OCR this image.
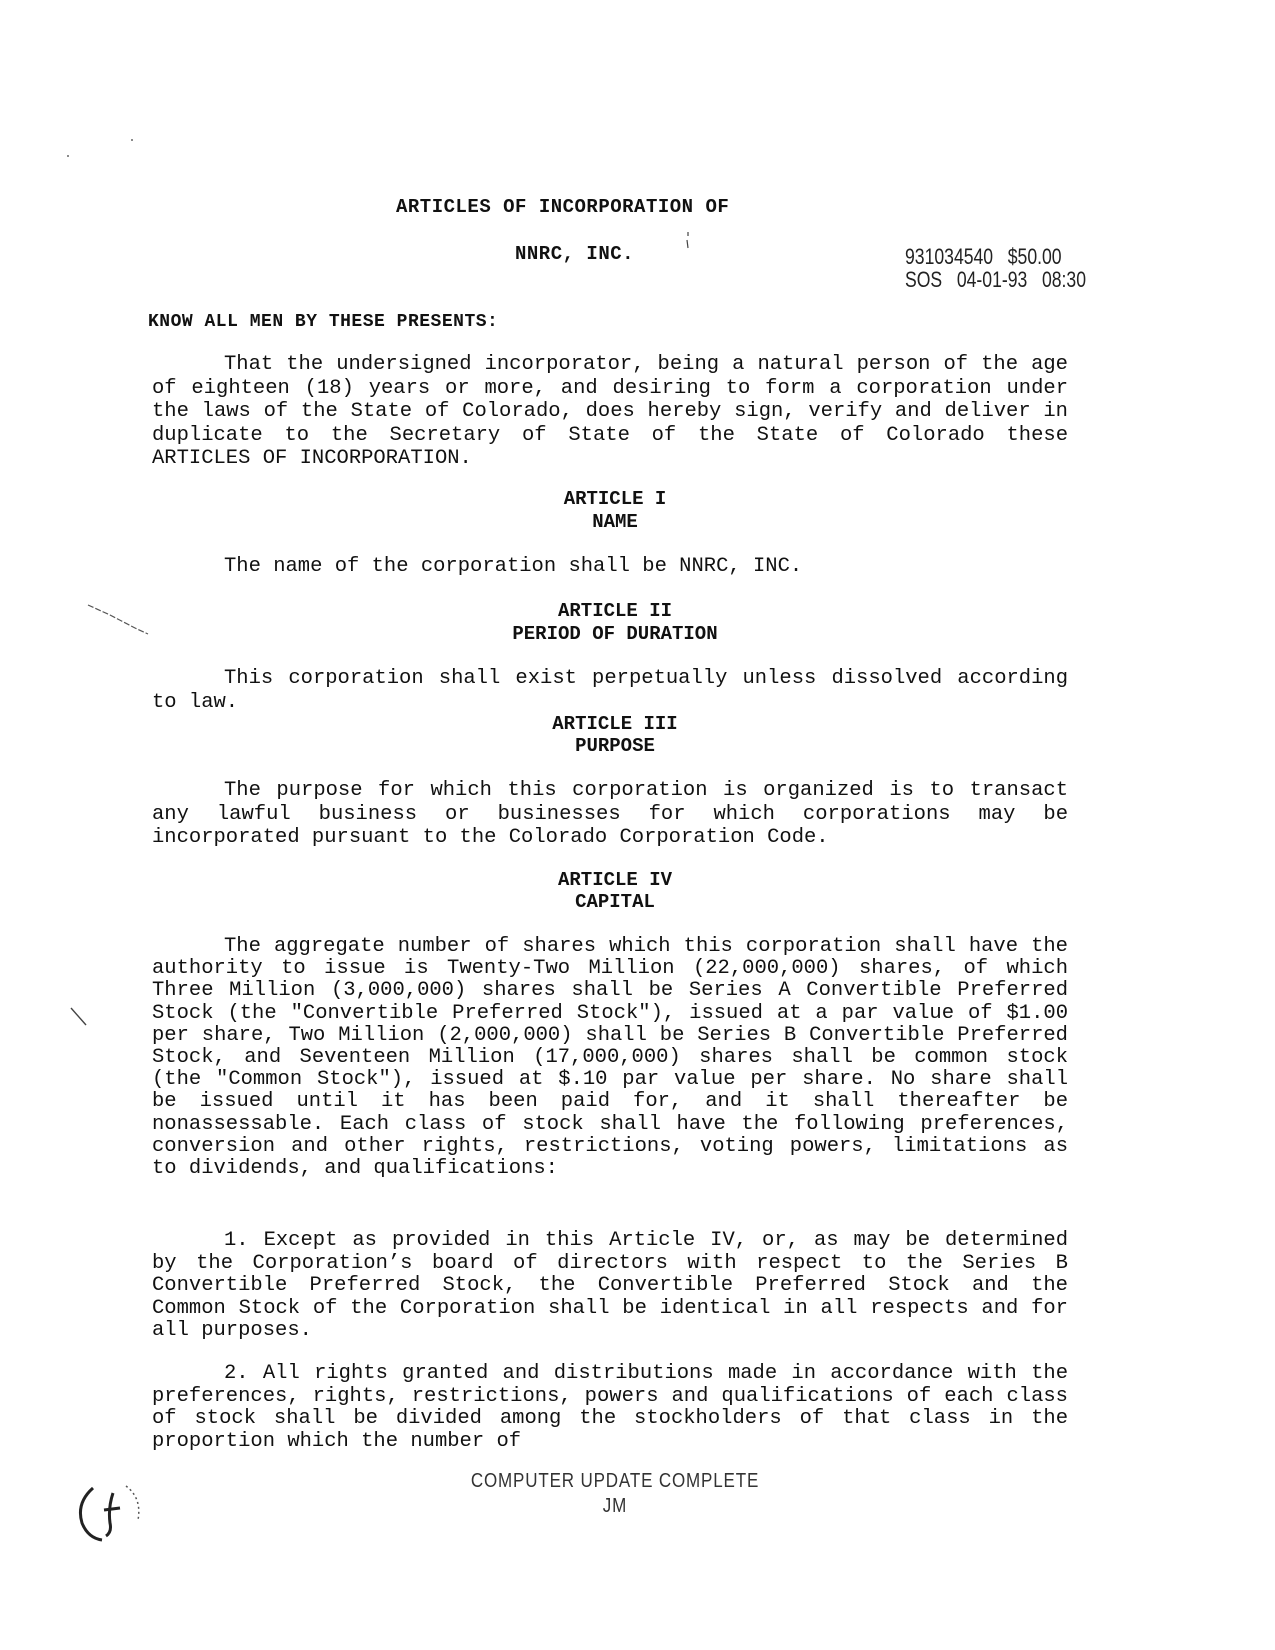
ARTICLES OF INCORPORATION OF
NNRC, INC.	931034540   $50.00
SOS   04-01-93   08:30
KNOW ALL MEN BY THESE PRESENTS:

That the undersigned incorporator, being a natural person of the age of eighteen (18) years or more, and desiring to form a corporation under the laws of the State of Colorado, does hereby sign, verify and deliver in duplicate to the Secretary of State of the State of Colorado these ARTICLES OF INCORPORATION.

ARTICLE I

NAME

The name of the corporation shall be NNRC, INC.

ARTICLE II

PERIOD OF DURATION

This corporation shall exist perpetually unless dissolved according to law.

ARTICLE III

PURPOSE

The purpose for which this corporation is organized is to transact any lawful business or businesses for which corporations may be incorporated pursuant to the Colorado Corporation Code.

ARTICLE IV

CAPITAL

The aggregate number of shares which this corporation shall have the authority to issue is Twenty-Two Million (22,000,000) shares, of which Three Million (3,000,000) shares shall be Series A Convertible Preferred Stock (the "Convertible Preferred Stock"), issued at a par value of $1.00 per share, Two Million (2,000,000) shall be Series B Convertible Preferred Stock, and Seventeen Million (17,000,000) shares shall be common stock (the "Common Stock"), issued at $.10 par value per share. No share shall be issued until it has been paid for, and it shall thereafter be nonassessable. Each class of stock shall have the following preferences, conversion and other rights, restrictions, voting powers, limitations as to dividends, and qualifications:

1. Except as provided in this Article IV, or, as may be determined by the Corporation’s board of directors with respect to the Series B Convertible Preferred Stock, the Convertible Preferred Stock and the Common Stock of the Corporation shall be identical in all respects and for all purposes.

2. All rights granted and distributions made in accordance with the preferences, rights, restrictions, powers and qualifications of each class of stock shall be divided among the stockholders of that class in the proportion which the number of

COMPUTER UPDATE COMPLETE
JM
